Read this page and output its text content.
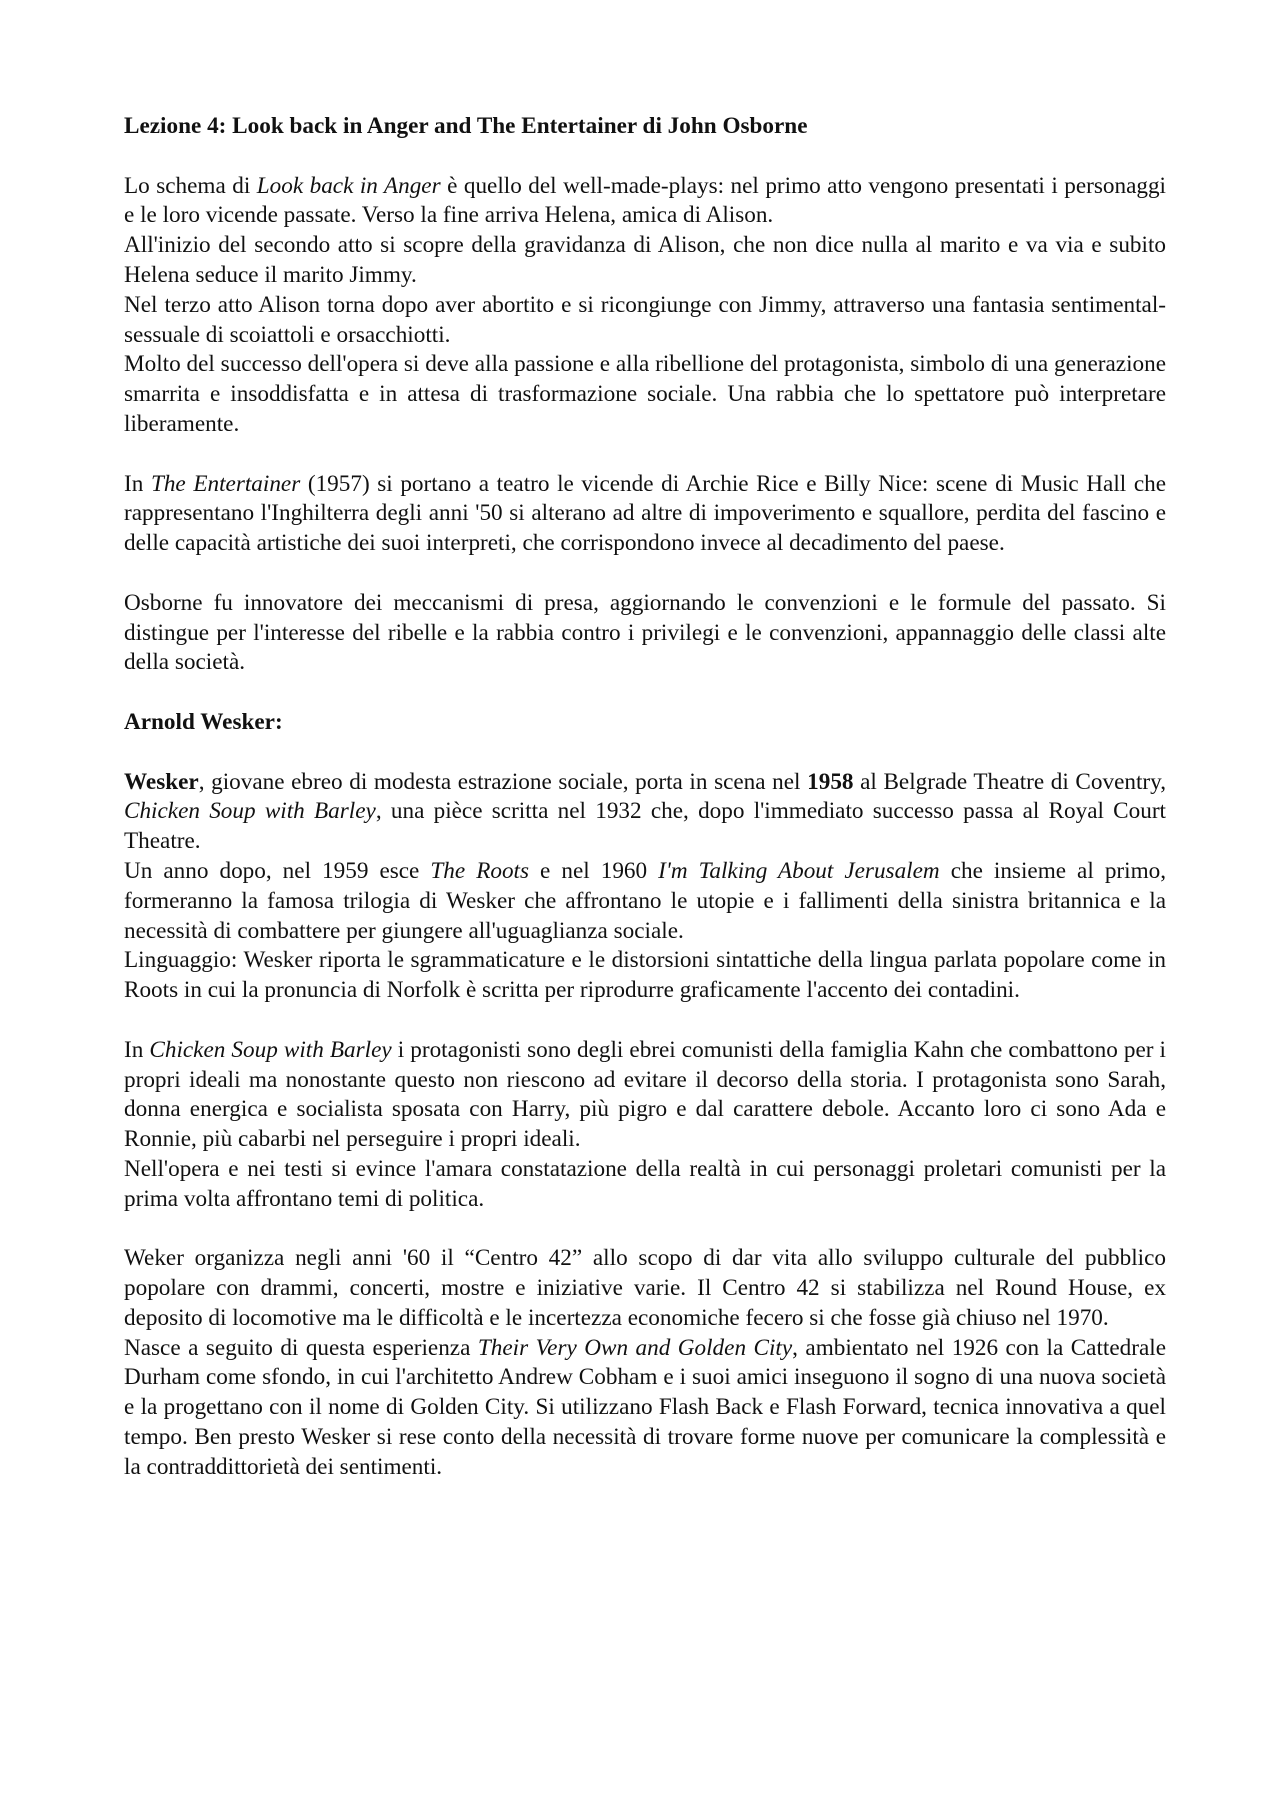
Lezione 4: Look back in Anger and The Entertainer di John Osborne

Lo schema di Look back in Anger è quello del well-made-plays: nel primo atto vengono presentati i personaggi e le loro vicende passate. Verso la fine arriva Helena, amica di Alison.

All'inizio del secondo atto si scopre della gravidanza di Alison, che non dice nulla al marito e va via e subito Helena seduce il marito Jimmy.

Nel terzo atto Alison torna dopo aver abortito e si ricongiunge con Jimmy, attraverso una fantasia sentimental-sessuale di scoiattoli e orsacchiotti.

Molto del successo dell'opera si deve alla passione e alla ribellione del protagonista, simbolo di una generazione smarrita e insoddisfatta e in attesa di trasformazione sociale. Una rabbia che lo spettatore può interpretare liberamente.

In The Entertainer (1957) si portano a teatro le vicende di Archie Rice e Billy Nice: scene di Music Hall che rappresentano l'Inghilterra degli anni '50 si alterano ad altre di impoverimento e squallore, perdita del fascino e delle capacità artistiche dei suoi interpreti, che corrispondono invece al decadimento del paese.

Osborne fu innovatore dei meccanismi di presa, aggiornando le convenzioni e le formule del passato. Si distingue per l'interesse del ribelle e la rabbia contro i privilegi e le convenzioni, appannaggio delle classi alte della società.

Arnold Wesker:

Wesker, giovane ebreo di modesta estrazione sociale, porta in scena nel 1958 al Belgrade Theatre di Coventry, Chicken Soup with Barley, una pièce scritta nel 1932 che, dopo l'immediato successo passa al Royal Court Theatre.

Un anno dopo, nel 1959 esce The Roots e nel 1960 I'm Talking About Jerusalem che insieme al primo, formeranno la famosa trilogia di Wesker che affrontano le utopie e i fallimenti della sinistra britannica e la necessità di combattere per giungere all'uguaglianza sociale.

Linguaggio: Wesker riporta le sgrammaticature e le distorsioni sintattiche della lingua parlata popolare come in Roots in cui la pronuncia di Norfolk è scritta per riprodurre graficamente l'accento dei contadini.

In Chicken Soup with Barley i protagonisti sono degli ebrei comunisti della famiglia Kahn che combattono per i propri ideali ma nonostante questo non riescono ad evitare il decorso della storia. I protagonista sono Sarah, donna energica e socialista sposata con Harry, più pigro e dal carattere debole. Accanto loro ci sono Ada e Ronnie, più cabarbi nel perseguire i propri ideali.

Nell'opera e nei testi si evince l'amara constatazione della realtà in cui personaggi proletari comunisti per la prima volta affrontano temi di politica.

Weker organizza negli anni '60 il “Centro 42” allo scopo di dar vita allo sviluppo culturale del pubblico popolare con drammi, concerti, mostre e iniziative varie. Il Centro 42 si stabilizza nel Round House, ex deposito di locomotive ma le difficoltà e le incertezza economiche fecero si che fosse già chiuso nel 1970.

Nasce a seguito di questa esperienza Their Very Own and Golden City, ambientato nel 1926 con la Cattedrale Durham come sfondo, in cui l'architetto Andrew Cobham e i suoi amici inseguono il sogno di una nuova società e la progettano con il nome di Golden City. Si utilizzano Flash Back e Flash Forward, tecnica innovativa a quel tempo. Ben presto Wesker si rese conto della necessità di trovare forme nuove per comunicare la complessità e la contraddittorietà dei sentimenti.
